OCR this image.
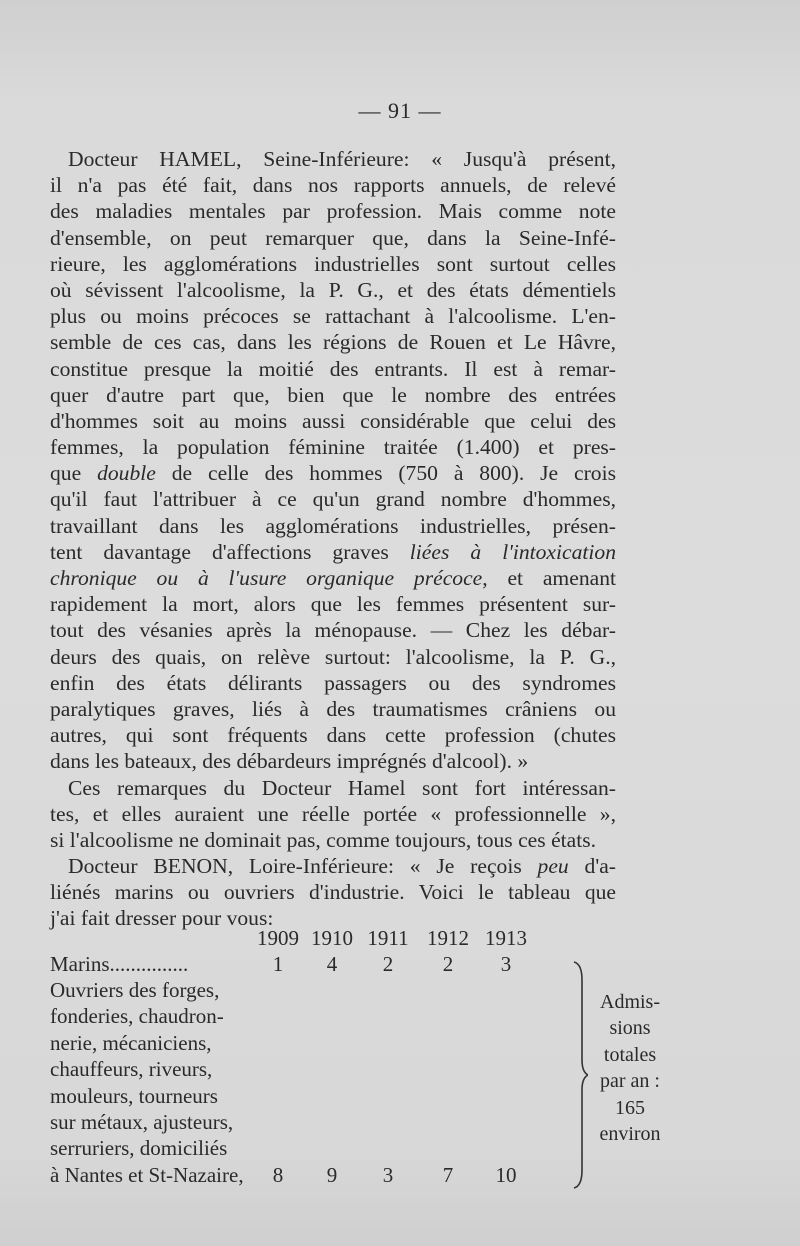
— 91 —
Docteur HAMEL, Seine-Inférieure: « Jusqu'à présent,
il n'a pas été fait, dans nos rapports annuels, de relevé
des maladies mentales par profession. Mais comme note
d'ensemble, on peut remarquer que, dans la Seine-Infé-
rieure, les agglomérations industrielles sont surtout celles
où sévissent l'alcoolisme, la P. G., et des états démentiels
plus ou moins précoces se rattachant à l'alcoolisme. L'en-
semble de ces cas, dans les régions de Rouen et Le Hâvre,
constitue presque la moitié des entrants. Il est à remar-
quer d'autre part que, bien que le nombre des entrées
d'hommes soit au moins aussi considérable que celui des
femmes, la population féminine traitée (1.400) et pres-
que double de celle des hommes (750 à 800). Je crois
qu'il faut l'attribuer à ce qu'un grand nombre d'hommes,
travaillant dans les agglomérations industrielles, présen-
tent davantage d'affections graves liées à l'intoxication
chronique ou à l'usure organique précoce, et amenant
rapidement la mort, alors que les femmes présentent sur-
tout des vésanies après la ménopause. — Chez les débar-
deurs des quais, on relève surtout: l'alcoolisme, la P. G.,
enfin des états délirants passagers ou des syndromes
paralytiques graves, liés à des traumatismes crâniens ou
autres, qui sont fréquents dans cette profession (chutes
dans les bateaux, des débardeurs imprégnés d'alcool). »
Ces remarques du Docteur Hamel sont fort intéressan-
tes, et elles auraient une réelle portée « professionnelle »,
si l'alcoolisme ne dominait pas, comme toujours, tous ces états.
Docteur BENON, Loire-Inférieure: « Je reçois peu d'a-
liénés marins ou ouvriers d'industrie. Voici le tableau que
j'ai fait dresser pour vous:
Admis-
sions
totales
par an :
165
environ
1909 1910 1911 1912 1913
Marins...............	1	4	2	2	3
Ouvriers des forges,
fonderies, chaudron-
nerie, mécaniciens,
chauffeurs, riveurs,
mouleurs, tourneurs
sur métaux, ajusteurs,
serruriers, domiciliés
à Nantes et St-Nazaire,	8	9	3	7	10
